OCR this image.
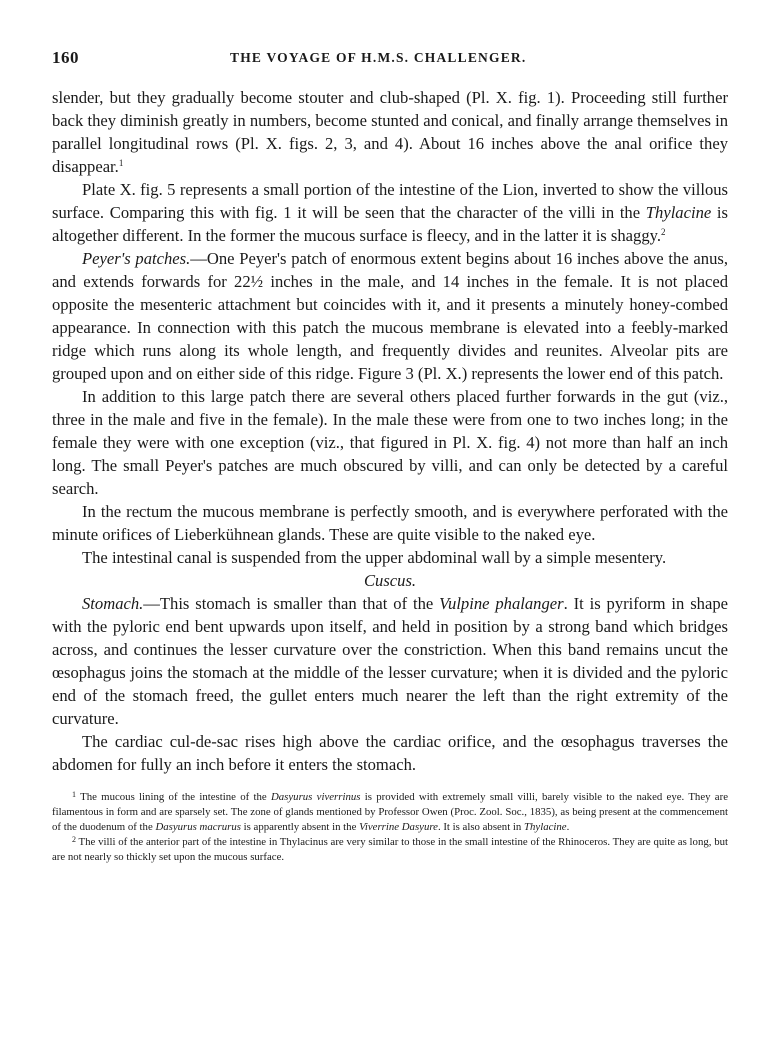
160	THE VOYAGE OF H.M.S. CHALLENGER.

slender, but they gradually become stouter and club-shaped (Pl. X. fig. 1). Proceeding still further back they diminish greatly in numbers, become stunted and conical, and finally arrange themselves in parallel longitudinal rows (Pl. X. figs. 2, 3, and 4). About 16 inches above the anal orifice they disappear.$^1$

Plate X. fig. 5 represents a small portion of the intestine of the Lion, inverted to show the villous surface. Comparing this with fig. 1 it will be seen that the character of the villi in the Thylacine is altogether different. In the former the mucous surface is fleecy, and in the latter it is shaggy.$^2$

Peyer's patches.—One Peyer's patch of enormous extent begins about 16 inches above the anus, and extends forwards for 22½ inches in the male, and 14 inches in the female. It is not placed opposite the mesenteric attachment but coincides with it, and it presents a minutely honey-combed appearance. In connection with this patch the mucous membrane is elevated into a feebly-marked ridge which runs along its whole length, and frequently divides and reunites. Alveolar pits are grouped upon and on either side of this ridge. Figure 3 (Pl. X.) represents the lower end of this patch.

In addition to this large patch there are several others placed further forwards in the gut (viz., three in the male and five in the female). In the male these were from one to two inches long; in the female they were with one exception (viz., that figured in Pl. X. fig. 4) not more than half an inch long. The small Peyer's patches are much obscured by villi, and can only be detected by a careful search.

In the rectum the mucous membrane is perfectly smooth, and is everywhere perforated with the minute orifices of Lieberkühnean glands. These are quite visible to the naked eye.

The intestinal canal is suspended from the upper abdominal wall by a simple mesentery.

Cuscus.

Stomach.—This stomach is smaller than that of the Vulpine phalanger. It is pyriform in shape with the pyloric end bent upwards upon itself, and held in position by a strong band which bridges across, and continues the lesser curvature over the constriction. When this band remains uncut the œsophagus joins the stomach at the middle of the lesser curvature; when it is divided and the pyloric end of the stomach freed, the gullet enters much nearer the left than the right extremity of the curvature.

The cardiac cul-de-sac rises high above the cardiac orifice, and the œsophagus traverses the abdomen for fully an inch before it enters the stomach.

$^1$ The mucous lining of the intestine of the Dasyurus viverrinus is provided with extremely small villi, barely visible to the naked eye. They are filamentous in form and are sparsely set. The zone of glands mentioned by Professor Owen (Proc. Zool. Soc., 1835), as being present at the commencement of the duodenum of the Dasyurus macrurus is apparently absent in the Viverrine Dasyure. It is also absent in Thylacine.

$^2$ The villi of the anterior part of the intestine in Thylacinus are very similar to those in the small intestine of the Rhinoceros. They are quite as long, but are not nearly so thickly set upon the mucous surface.
